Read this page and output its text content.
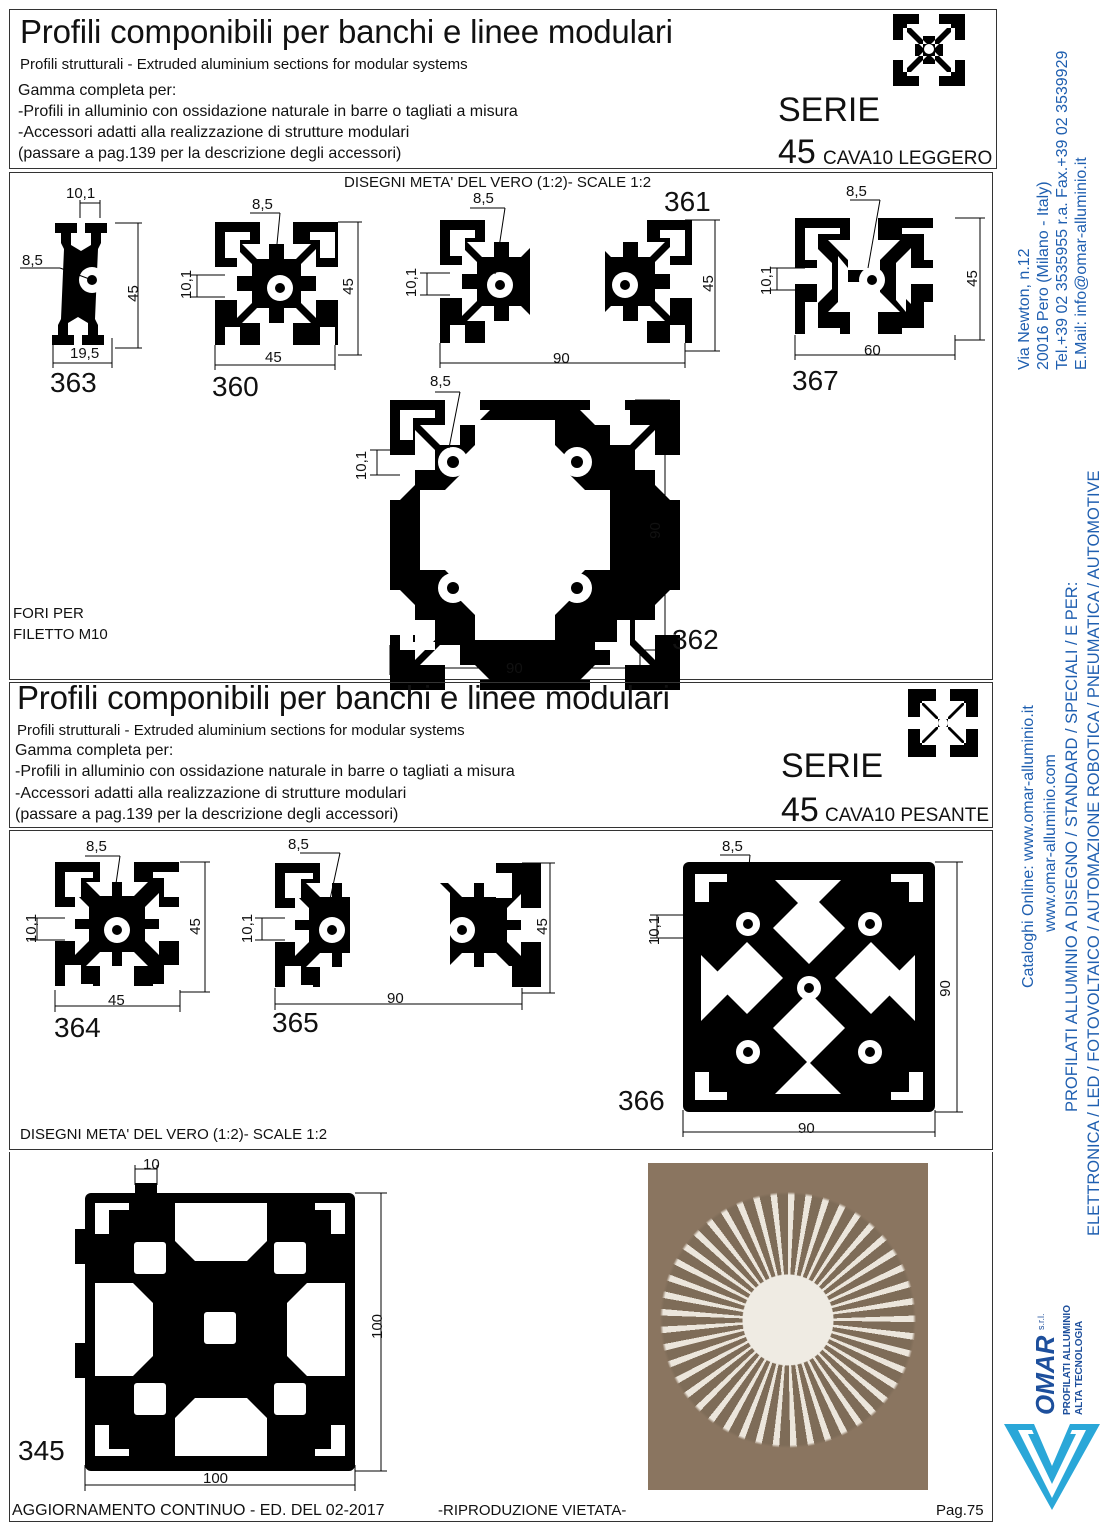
Profili componibili per banchi e linee modulari
Profili strutturali - Extruded aluminium sections for modular systems
Gamma completa per:
-Profili in alluminio con ossidazione naturale in barre o tagliati a misura
-Accessori adatti alla realizzazione di strutture modulari
(passare a pag.139 per la descrizione degli accessori)
SERIE
45 CAVA10 LEGGERO
DISEGNI META' DEL VERO (1:2)- SCALE 1:2
10,1
8,5
45
19,5
363
8,5
10,1	45
45
360
8,5
10,1	45
90
361	8,5
10,1	45
60
367
8,5
10,1
90
90
362
FORI PER
FILETTO M10
Profili componibili per banchi e linee modulari
Profili strutturali - Extruded aluminium sections for modular systems
Gamma completa per:
-Profili in alluminio con ossidazione naturale in barre o tagliati a misura
-Accessori adatti alla realizzazione di strutture modulari
(passare a pag.139 per la descrizione degli accessori)
SERIE
45 CAVA10 PESANTE
8,5
10,1	45
45
364
8,5
10,1	45
90
365
8,5
10,1
90
90
366
DISEGNI META' DEL VERO (1:2)- SCALE 1:2
10
100
100
345
AGGIORNAMENTO CONTINUO - ED. DEL 02-2017	-RIPRODUZIONE VIETATA-	Pag.75
Via Newton, n.12 20016 Pero (Milano - Italy) Tel.+39 02 3535955 r.a. Fax.+39 02 3539929 E.Mail: info@omar-alluminio.it
Cataloghi Online: www.omar-alluminio.it www.omar-alluminio.com PROFILATI ALLUMINIO A DISEGNO / STANDARD / SPECIALI / E PER: ELETTRONICA / LED / FOTOVOLTAICO / AUTOMAZIONE ROBOTICA / PNEUMATICA / AUTOMOTIVE
OMAR
s.r.l. PROFILATI ALLUMINIO ALTA TECNOLOGIA
